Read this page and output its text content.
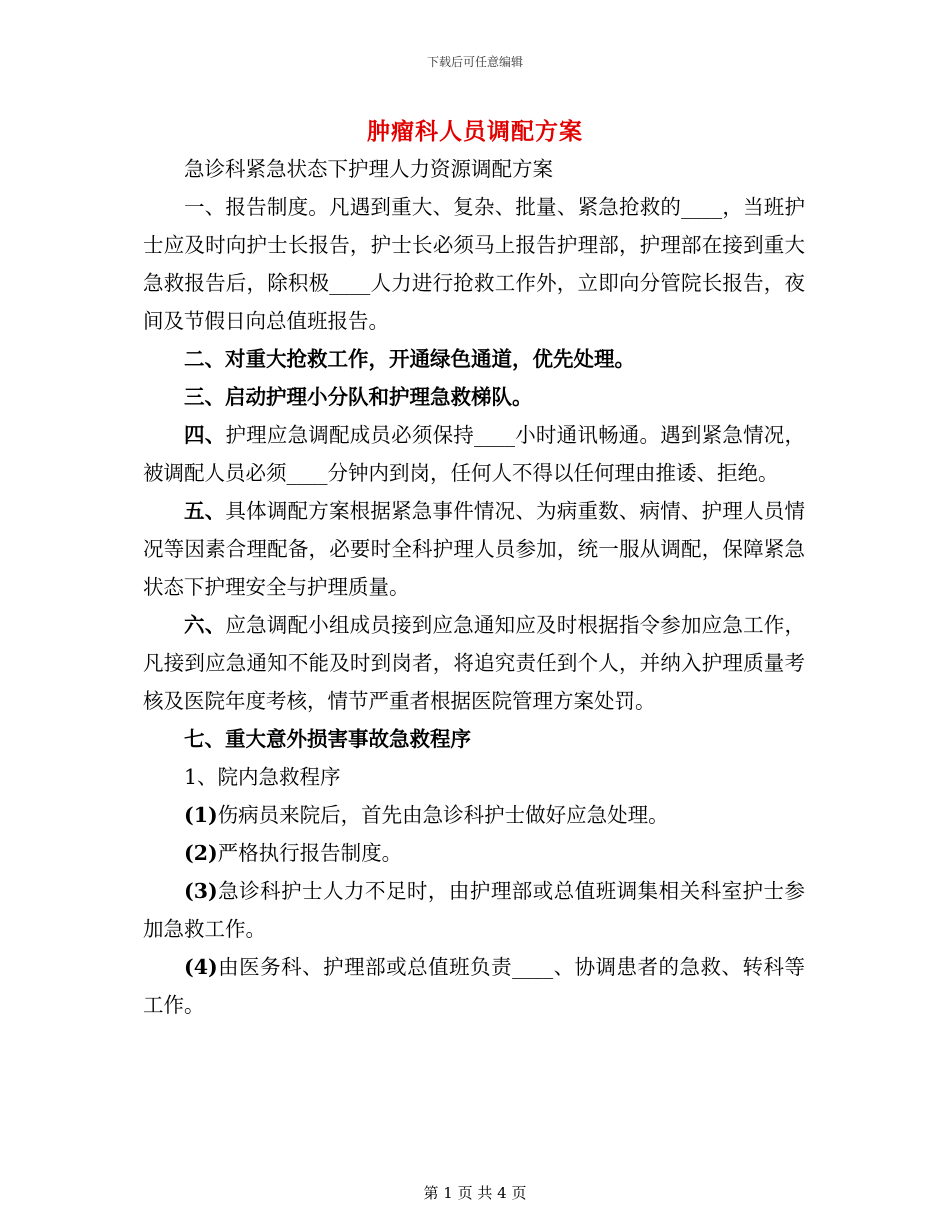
下载后可任意编辑
肿瘤科人员调配方案

急诊科紧急状态下护理人力资源调配方案

一、报告制度。凡遇到重大、复杂、批量、紧急抢救的____，当班护士应及时向护士长报告，护士长必须马上报告护理部，护理部在接到重大急救报告后，除积极____人力进行抢救工作外，立即向分管院长报告，夜间及节假日向总值班报告。

二、对重大抢救工作，开通绿色通道，优先处理。

三、启动护理小分队和护理急救梯队。

四、护理应急调配成员必须保持____小时通讯畅通。遇到紧急情况，被调配人员必须____分钟内到岗，任何人不得以任何理由推诿、拒绝。

五、具体调配方案根据紧急事件情况、为病重数、病情、护理人员情况等因素合理配备，必要时全科护理人员参加，统一服从调配，保障紧急状态下护理安全与护理质量。

六、应急调配小组成员接到应急通知应及时根据指令参加应急工作，凡接到应急通知不能及时到岗者，将追究责任到个人，并纳入护理质量考核及医院年度考核，情节严重者根据医院管理方案处罚。

七、重大意外损害事故急救程序

1、院内急救程序

(1)伤病员来院后，首先由急诊科护士做好应急处理。

(2)严格执行报告制度。

(3)急诊科护士人力不足时，由护理部或总值班调集相关科室护士参加急救工作。

(4)由医务科、护理部或总值班负责____、协调患者的急救、转科等工作。

第 1 页 共 4 页
